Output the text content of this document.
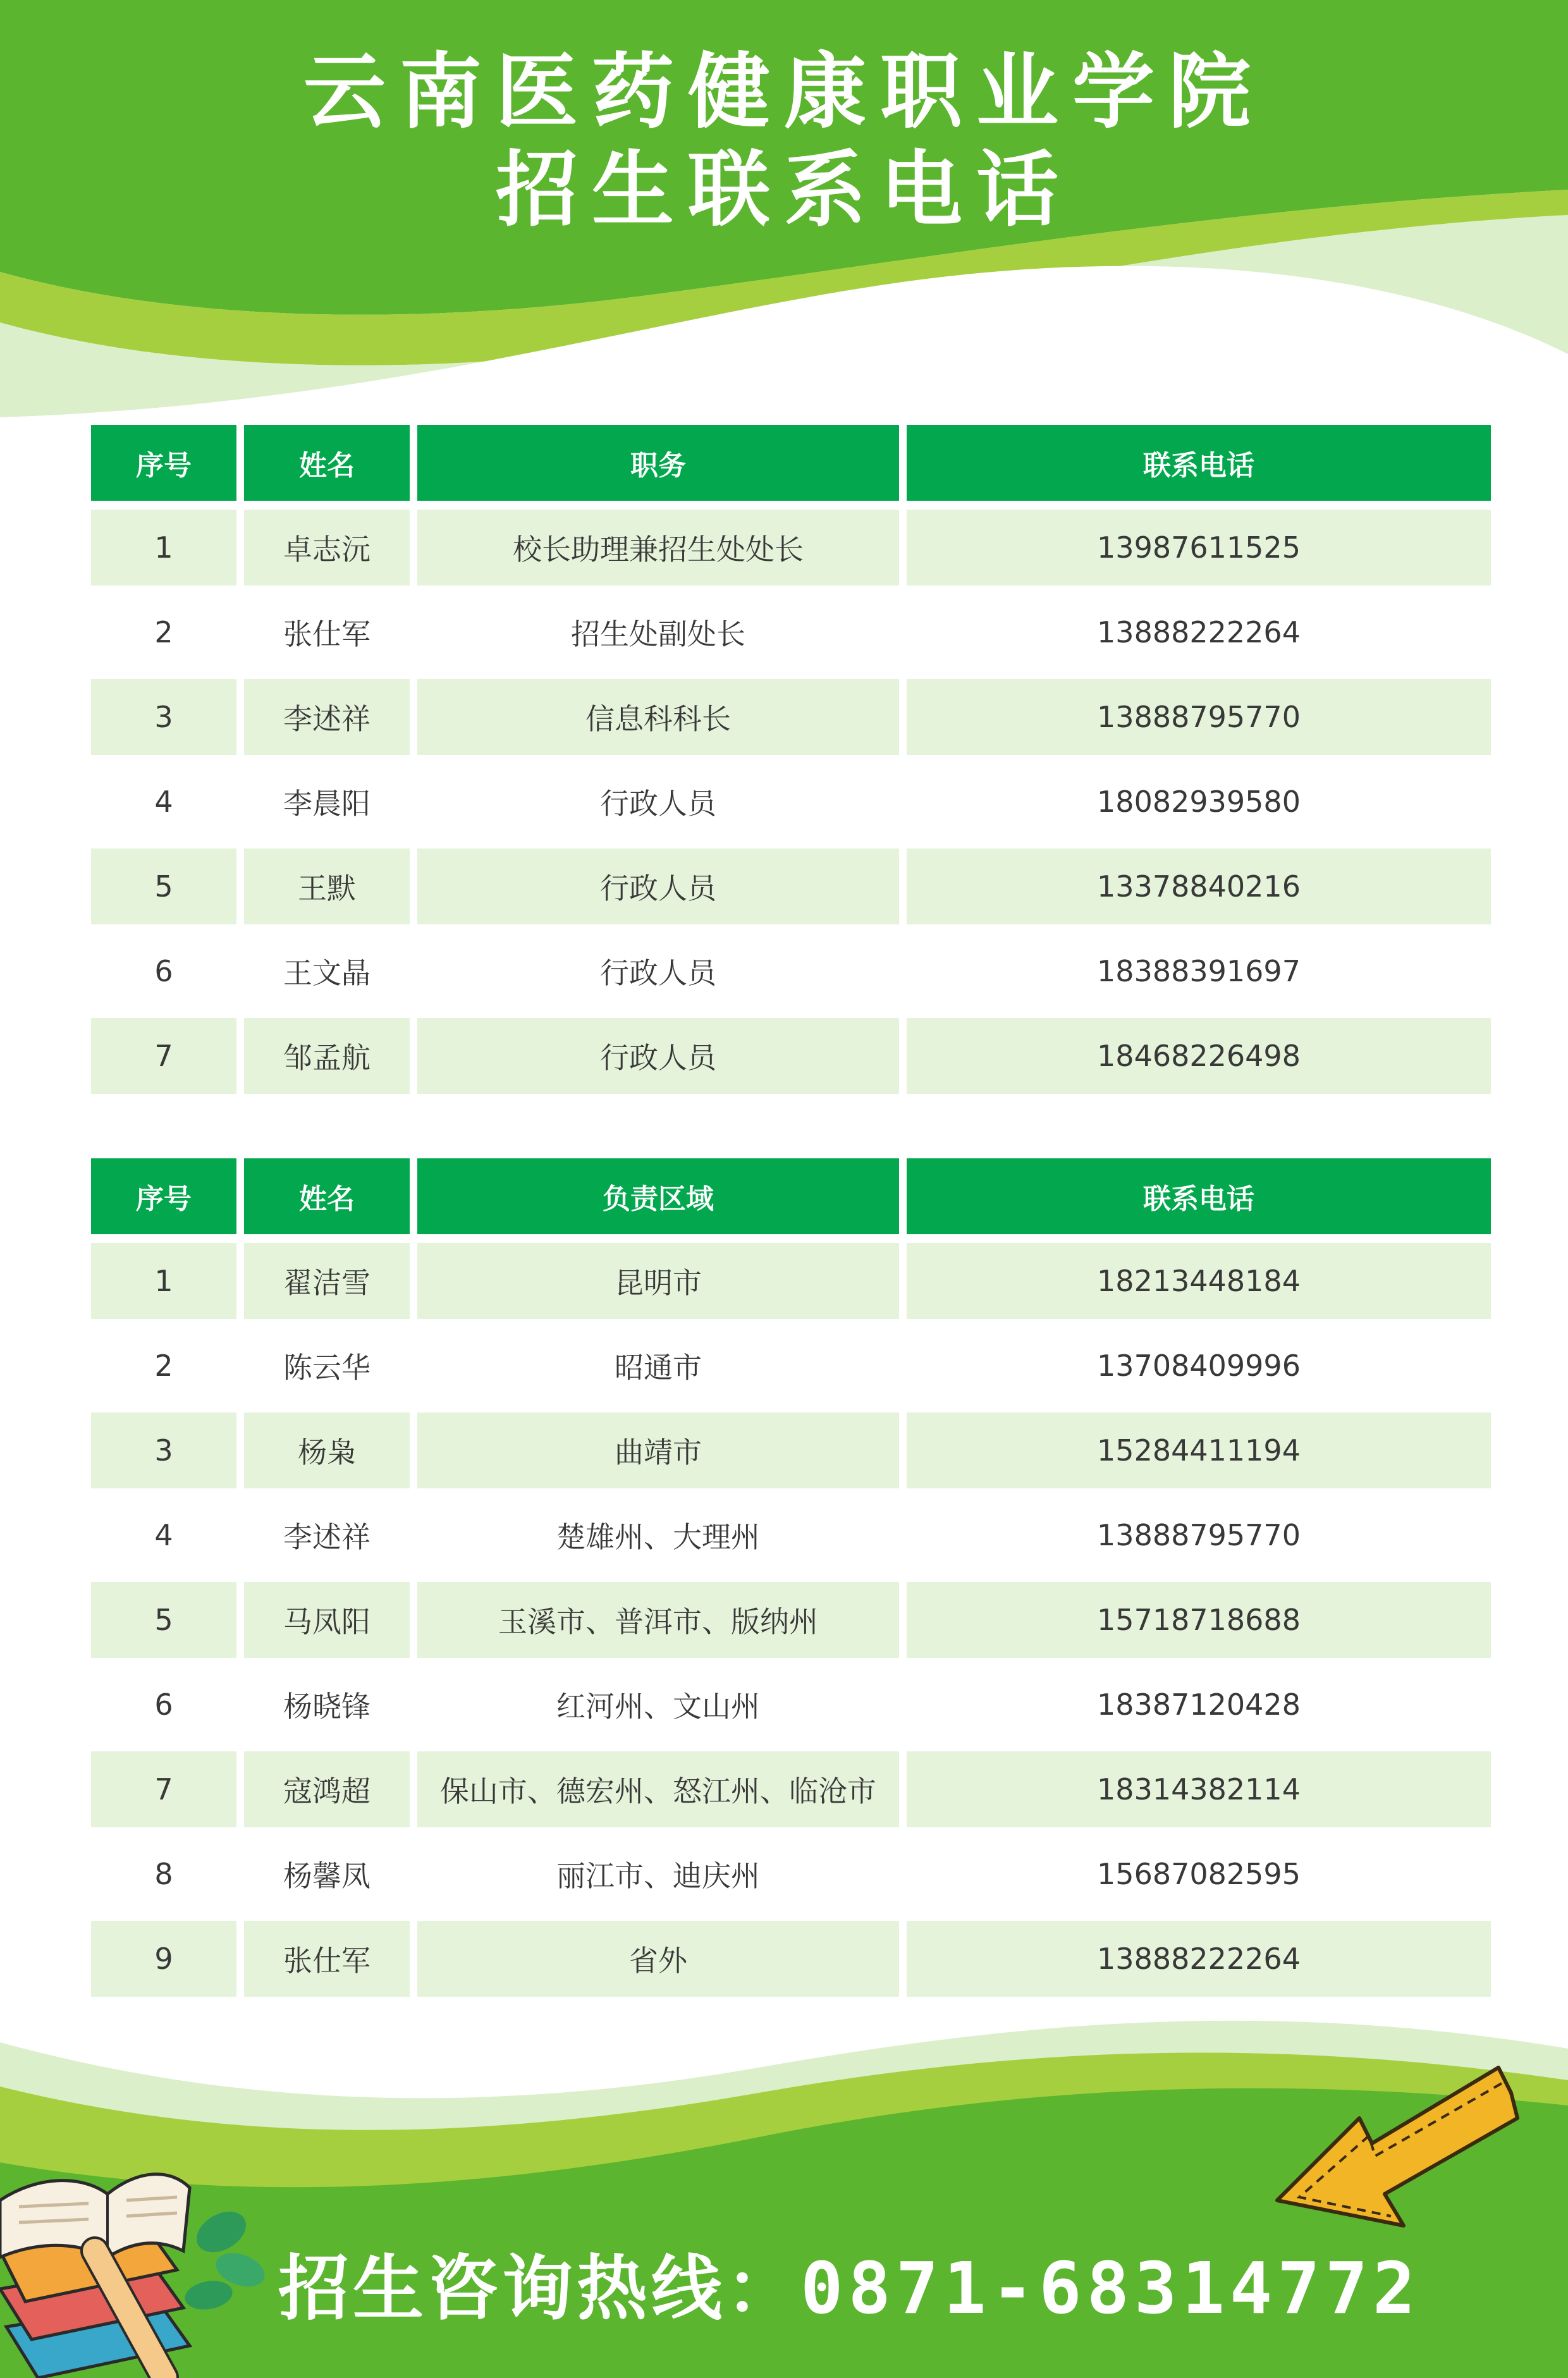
云南医药健康职业学院
招生联系电话
序号	姓名	职务	联系电话
1	卓志沅	校长助理兼招生处处长	13987611525
2	张仕军	招生处副处长	13888222264
3	李述祥	信息科科长	13888795770
4	李晨阳	行政人员	18082939580
5	王默	行政人员	13378840216
6	王文晶	行政人员	18388391697
7	邹孟航	行政人员	18468226498
序号	姓名	负责区域	联系电话
1	翟洁雪	昆明市	18213448184
2	陈云华	昭通市	13708409996
3	杨枭	曲靖市	15284411194
4	李述祥	楚雄州、大理州	13888795770
5	马凤阳	玉溪市、普洱市、版纳州	15718718688
6	杨晓锋	红河州、文山州	18387120428
7	寇鸿超	保山市、德宏州、怒江州、临沧市	18314382114
8	杨馨凤	丽江市、迪庆州	15687082595
9	张仕军	省外	13888222264
招生咨询热线：0871-68314772
